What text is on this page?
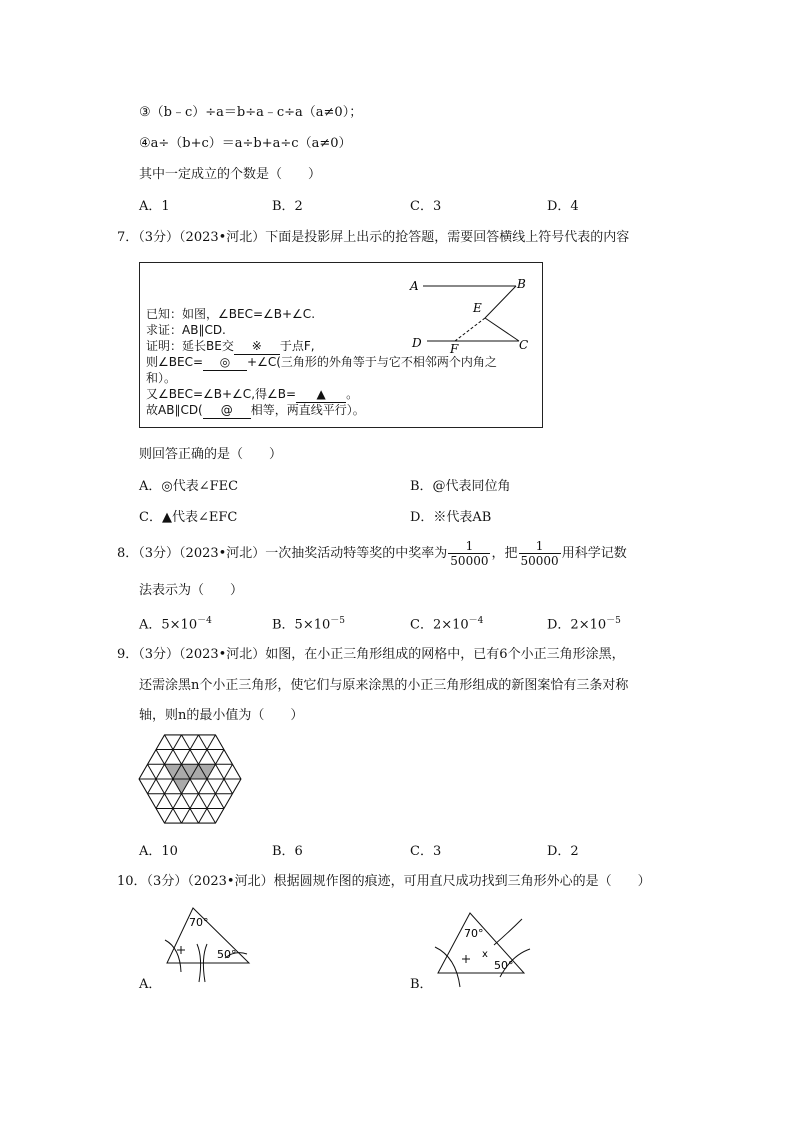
③（b﹣c）÷a＝b÷a﹣c÷a（a≠0）；
④a÷（b+c）＝a÷b+a÷c（a≠0）
其中一定成立的个数是（　　）
A．1	B．2	C．3	D．4
7．（3分）（2023•河北）下面是投影屏上出示的抢答题，需要回答横线上符号代表的内容
已知：如图，∠BEC=∠B+∠C.
求证：AB∥CD.
证明：延长BE交 ※ 于点F,
则∠BEC= ◎ +∠C(三角形的外角等于与它不相邻两个内角之
和）。
又∠BEC=∠B+∠C,得∠B= ▲ 。
故AB∥CD( @ 相等，两直线平行）。
A	B
E
D F	C
则回答正确的是（　　）
A．◎代表∠FEC	B．@代表同位角
C．▲代表∠EFC	D．※代表AB
8．（3分）（2023•河北）一次抽奖活动特等奖的中奖率为 $\frac{1}{50000}$ ，把 $\frac{1}{50000}$ 用科学记数
法表示为（　　）
A．$5\times 10^{-4}$	B．$5\times 10^{-5}$	C．$2\times 10^{-4}$	D．$2\times 10^{-5}$
9．（3分）（2023•河北）如图，在小正三角形组成的网格中，已有6个小正三角形涂黑，
还需涂黑n个小正三角形，使它们与原来涂黑的小正三角形组成的新图案恰有三条对称
轴，则n的最小值为（　　）
A．10	B．6	C．3	D．2
10．（3分）（2023•河北）根据圆规作图的痕迹，可用直尺成功找到三角形外心的是（　　）
70°
50°
A．
x
70°
50°
B．
